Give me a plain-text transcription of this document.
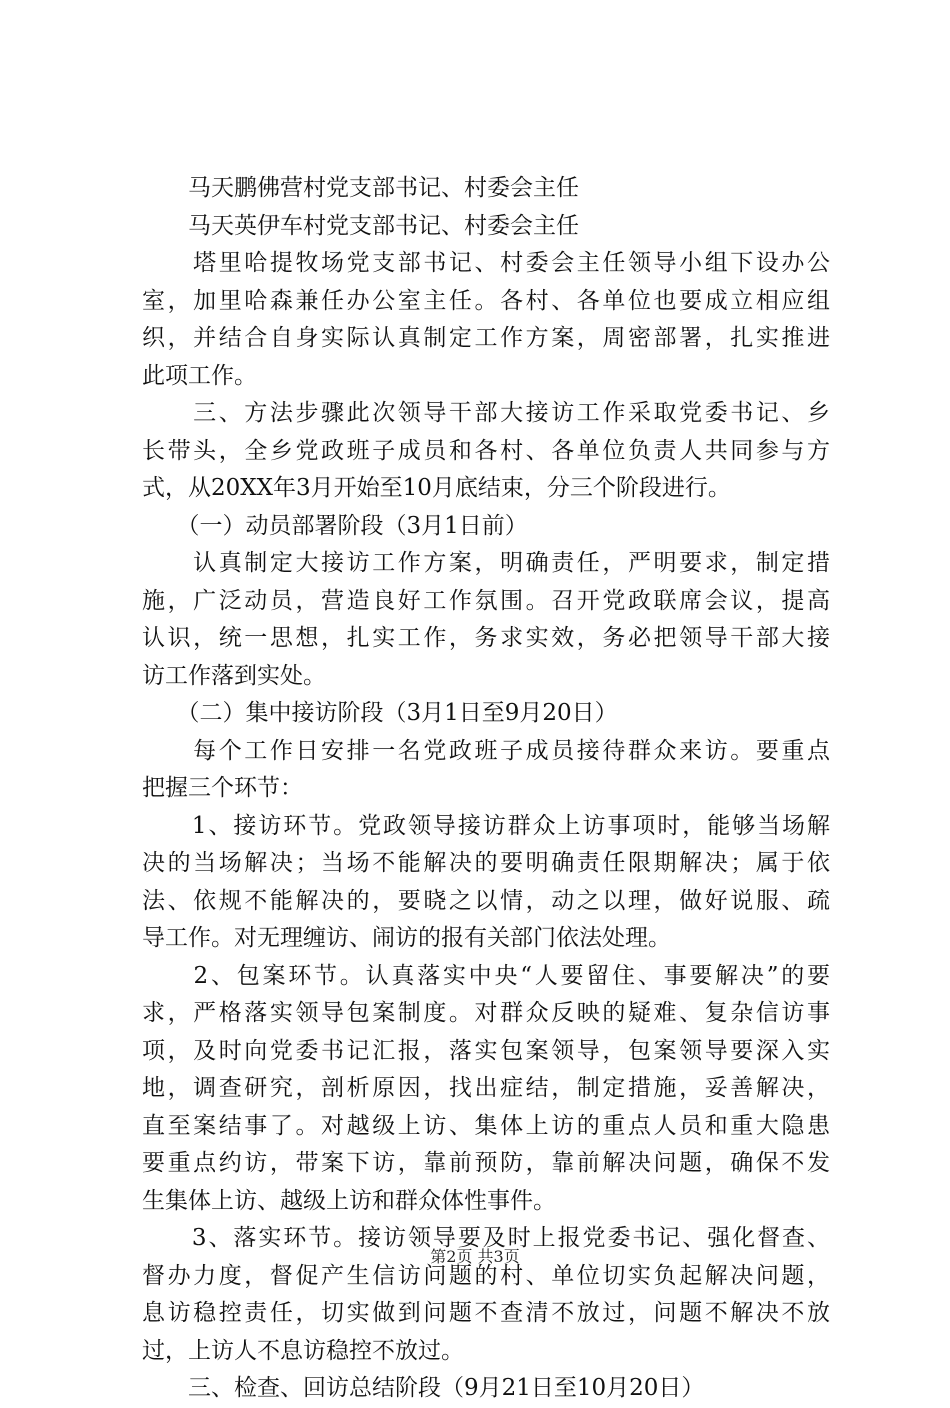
　　马天鹏佛营村党支部书记、村委会主任
　　马天英伊车村党支部书记、村委会主任
　　塔里哈提牧场党支部书记、村委会主任领导小组下设办公
室，加里哈森兼任办公室主任。各村、各单位也要成立相应组
织，并结合自身实际认真制定工作方案，周密部署，扎实推进
此项工作。
　　三、方法步骤此次领导干部大接访工作采取党委书记、乡
长带头，全乡党政班子成员和各村、各单位负责人共同参与方
式，从20XX年3月开始至10月底结束，分三个阶段进行。
　　（一）动员部署阶段（3月1日前）
　　认真制定大接访工作方案，明确责任，严明要求，制定措
施，广泛动员，营造良好工作氛围。召开党政联席会议，提高
认识，统一思想，扎实工作，务求实效，务必把领导干部大接
访工作落到实处。
　　（二）集中接访阶段（3月1日至9月20日）
　　每个工作日安排一名党政班子成员接待群众来访。要重点
把握三个环节：
　　1、接访环节。党政领导接访群众上访事项时，能够当场解
决的当场解决；当场不能解决的要明确责任限期解决；属于依
法、依规不能解决的，要晓之以情，动之以理，做好说服、疏
导工作。对无理缠访、闹访的报有关部门依法处理。
　　2、包案环节。认真落实中央“人要留住、事要解决”的要
求，严格落实领导包案制度。对群众反映的疑难、复杂信访事
项，及时向党委书记汇报，落实包案领导，包案领导要深入实
地，调查研究，剖析原因，找出症结，制定措施，妥善解决，
直至案结事了。对越级上访、集体上访的重点人员和重大隐患
要重点约访，带案下访，靠前预防，靠前解决问题，确保不发
生集体上访、越级上访和群众体性事件。
　　3、落实环节。接访领导要及时上报党委书记、强化督查、
督办力度，督促产生信访问题的村、单位切实负起解决问题，
息访稳控责任，切实做到问题不查清不放过，问题不解决不放
过，上访人不息访稳控不放过。
　　三、检查、回访总结阶段（9月21日至10月20日）
第2页 共3页
